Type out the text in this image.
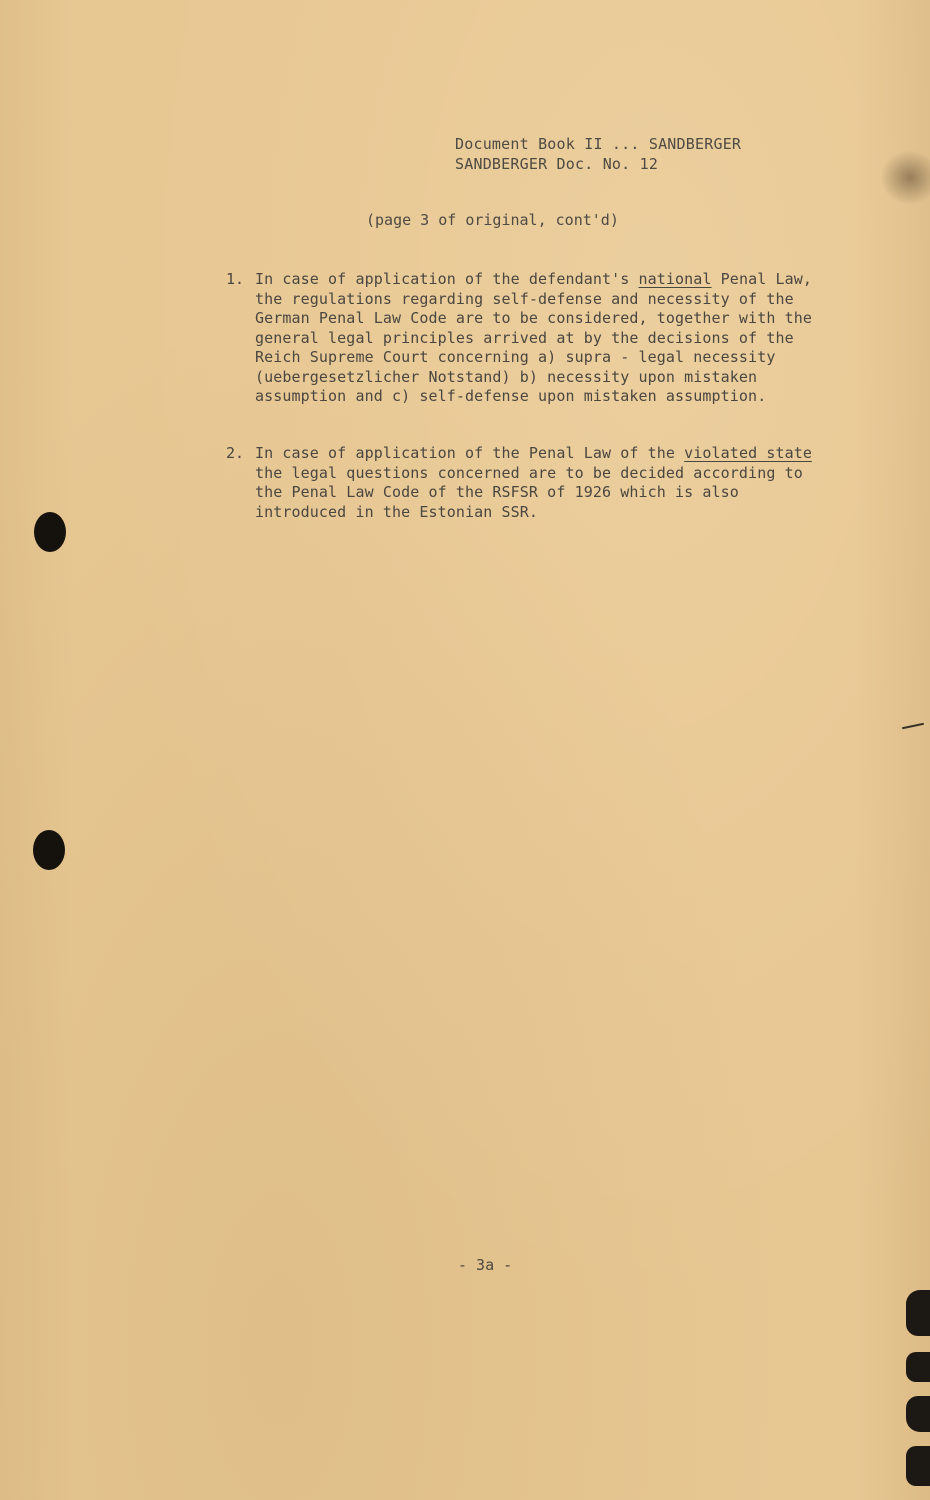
Document Book II ... SANDBERGER
SANDBERGER Doc. No. 12
(page 3 of original, cont'd)
1. In case of application of the defendant's national Penal Law, the regulations regarding self-defense and necessity of the German Penal Law Code are to be considered, together with the general legal principles arrived at by the decisions of the Reich Supreme Court concerning a) supra - legal necessity (uebergesetzlicher Notstand) b) necessity upon mistaken assumption and c) self-defense upon mistaken assumption.
2. In case of application of the Penal Law of the violated state the legal questions concerned are to be decided according to the Penal Law Code of the RSFSR of 1926 which is also introduced in the Estonian SSR.
- 3a -
